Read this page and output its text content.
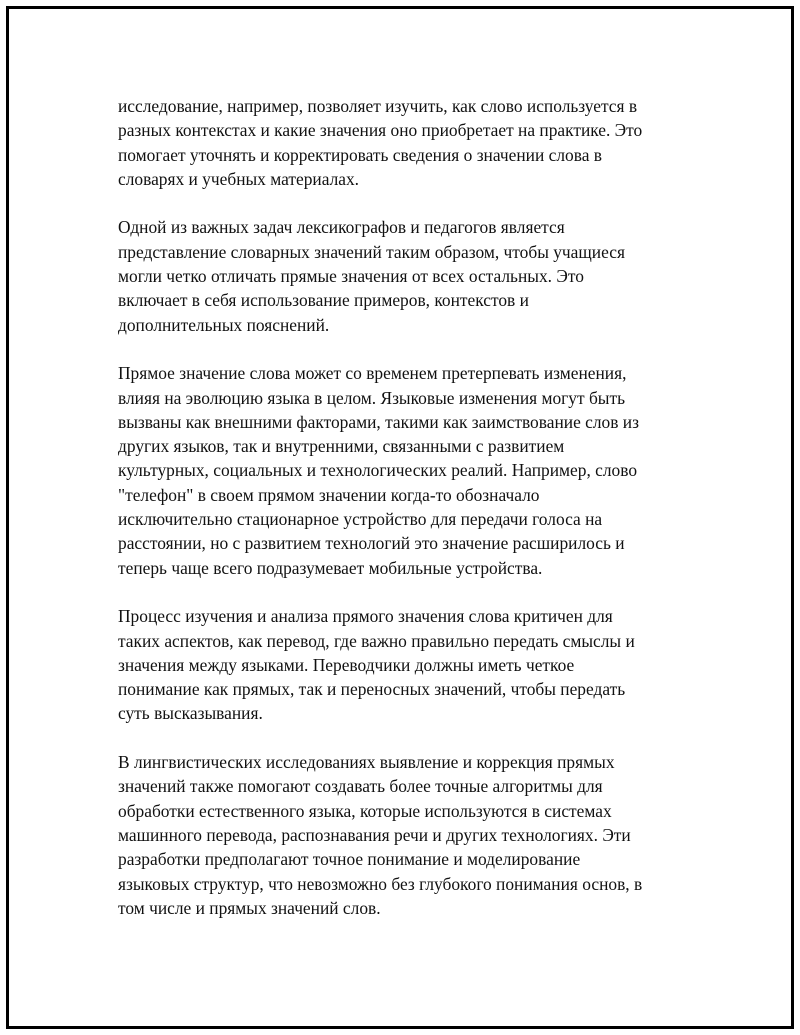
исследование, например, позволяет изучить, как слово используется в
разных контекстах и какие значения оно приобретает на практике. Это
помогает уточнять и корректировать сведения о значении слова в
словарях и учебных материалах.

Одной из важных задач лексикографов и педагогов является
представление словарных значений таким образом, чтобы учащиеся
могли четко отличать прямые значения от всех остальных. Это
включает в себя использование примеров, контекстов и
дополнительных пояснений.

Прямое значение слова может со временем претерпевать изменения,
влияя на эволюцию языка в целом. Языковые изменения могут быть
вызваны как внешними факторами, такими как заимствование слов из
других языков, так и внутренними, связанными с развитием
культурных, социальных и технологических реалий. Например, слово
"телефон" в своем прямом значении когда-то обозначало
исключительно стационарное устройство для передачи голоса на
расстоянии, но с развитием технологий это значение расширилось и
теперь чаще всего подразумевает мобильные устройства.

Процесс изучения и анализа прямого значения слова критичен для
таких аспектов, как перевод, где важно правильно передать смыслы и
значения между языками. Переводчики должны иметь четкое
понимание как прямых, так и переносных значений, чтобы передать
суть высказывания.

В лингвистических исследованиях выявление и коррекция прямых
значений также помогают создавать более точные алгоритмы для
обработки естественного языка, которые используются в системах
машинного перевода, распознавания речи и других технологиях. Эти
разработки предполагают точное понимание и моделирование
языковых структур, что невозможно без глубокого понимания основ, в
том числе и прямых значений слов.
